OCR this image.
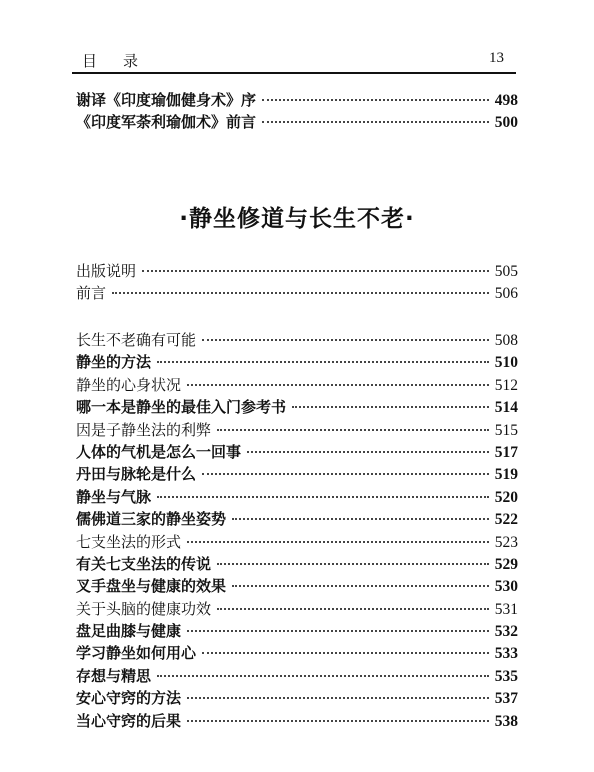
目录	13
谢译《印度瑜伽健身术》序	498
《印度军荼利瑜伽术》前言	500
·静坐修道与长生不老·
出版说明	505
前言	506
长生不老确有可能	508
静坐的方法	510
静坐的心身状况	512
哪一本是静坐的最佳入门参考书	514
因是子静坐法的利弊	515
人体的气机是怎么一回事	517
丹田与脉轮是什么	519
静坐与气脉	520
儒佛道三家的静坐姿势	522
七支坐法的形式	523
有关七支坐法的传说	529
叉手盘坐与健康的效果	530
关于头脑的健康功效	531
盘足曲膝与健康	532
学习静坐如何用心	533
存想与精思	535
安心守窍的方法	537
当心守窍的后果	538
